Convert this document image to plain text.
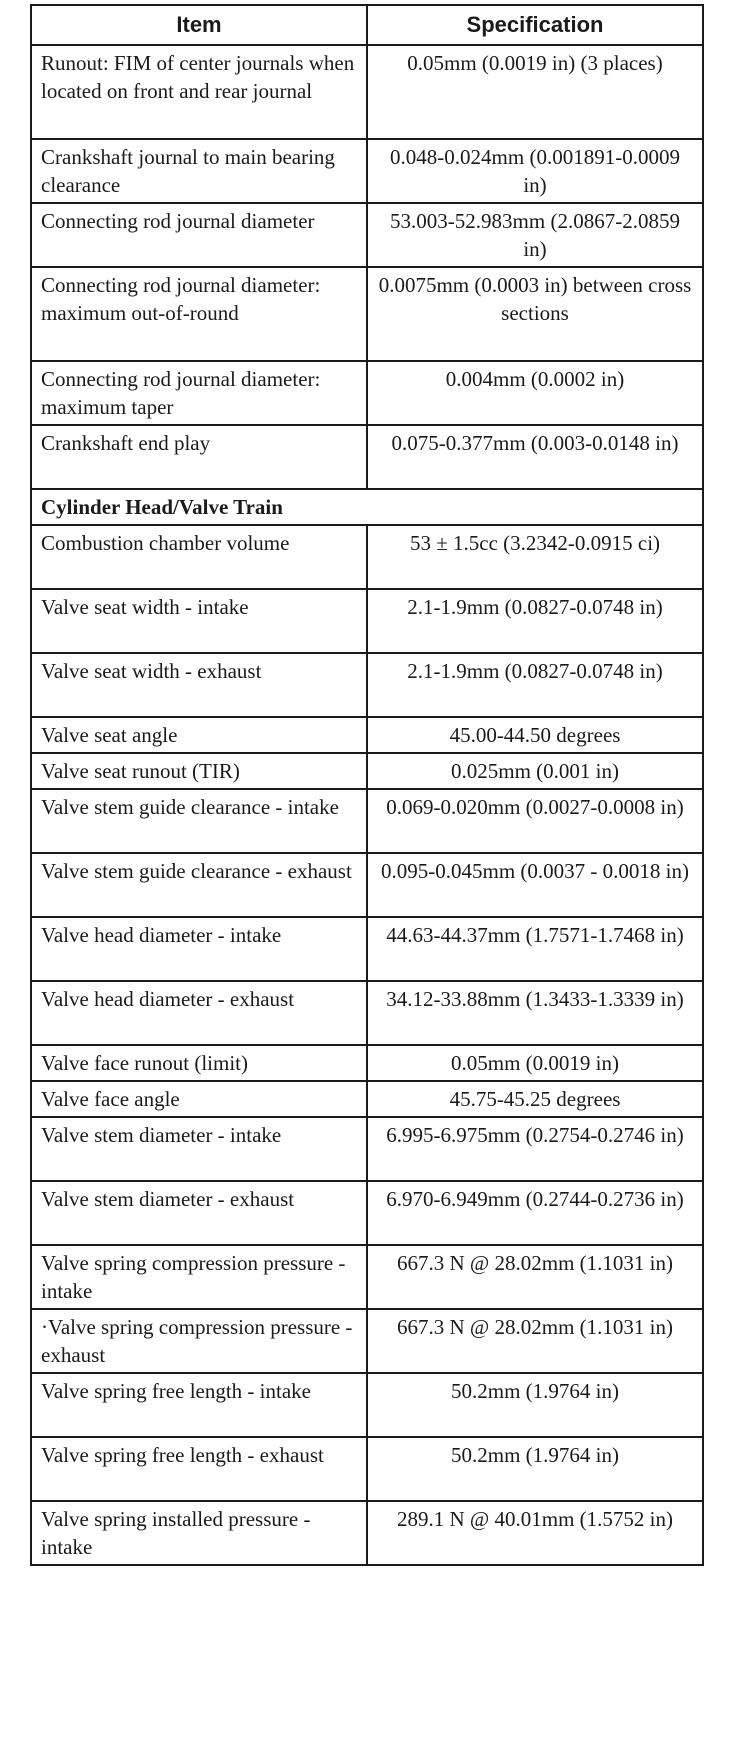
Item	Specification
Runout: FIM of center journals when located on front and rear journal	0.05mm (0.0019 in) (3 places)
Crankshaft journal to main bearing clearance	0.048-0.024mm (0.001891-0.0009 in)
Connecting rod journal diameter	53.003-52.983mm (2.0867-2.0859 in)
Connecting rod journal diameter: maximum out-of-round	0.0075mm (0.0003 in) between cross sections
Connecting rod journal diameter: maximum taper	0.004mm (0.0002 in)
Crankshaft end play	0.075-0.377mm (0.003-0.0148 in)
Cylinder Head/Valve Train	
Combustion chamber volume	53 ± 1.5cc (3.2342-0.0915 ci)
Valve seat width - intake	2.1-1.9mm (0.0827-0.0748 in)
Valve seat width - exhaust	2.1-1.9mm (0.0827-0.0748 in)
Valve seat angle	45.00-44.50 degrees
Valve seat runout (TIR)	0.025mm (0.001 in)
Valve stem guide clearance - intake	0.069-0.020mm (0.0027-0.0008 in)
Valve stem guide clearance - exhaust	0.095-0.045mm (0.0037 - 0.0018 in)
Valve head diameter - intake	44.63-44.37mm (1.7571-1.7468 in)
Valve head diameter - exhaust	34.12-33.88mm (1.3433-1.3339 in)
Valve face runout (limit)	0.05mm (0.0019 in)
Valve face angle	45.75-45.25 degrees
Valve stem diameter - intake	6.995-6.975mm (0.2754-0.2746 in)
Valve stem diameter - exhaust	6.970-6.949mm (0.2744-0.2736 in)
Valve spring compression pressure - intake	667.3 N @ 28.02mm (1.1031 in)
·Valve spring compression pressure - exhaust	667.3 N @ 28.02mm (1.1031 in)
Valve spring free length - intake	50.2mm (1.9764 in)
Valve spring free length - exhaust	50.2mm (1.9764 in)
Valve spring installed pressure - intake	289.1 N @ 40.01mm (1.5752 in)
